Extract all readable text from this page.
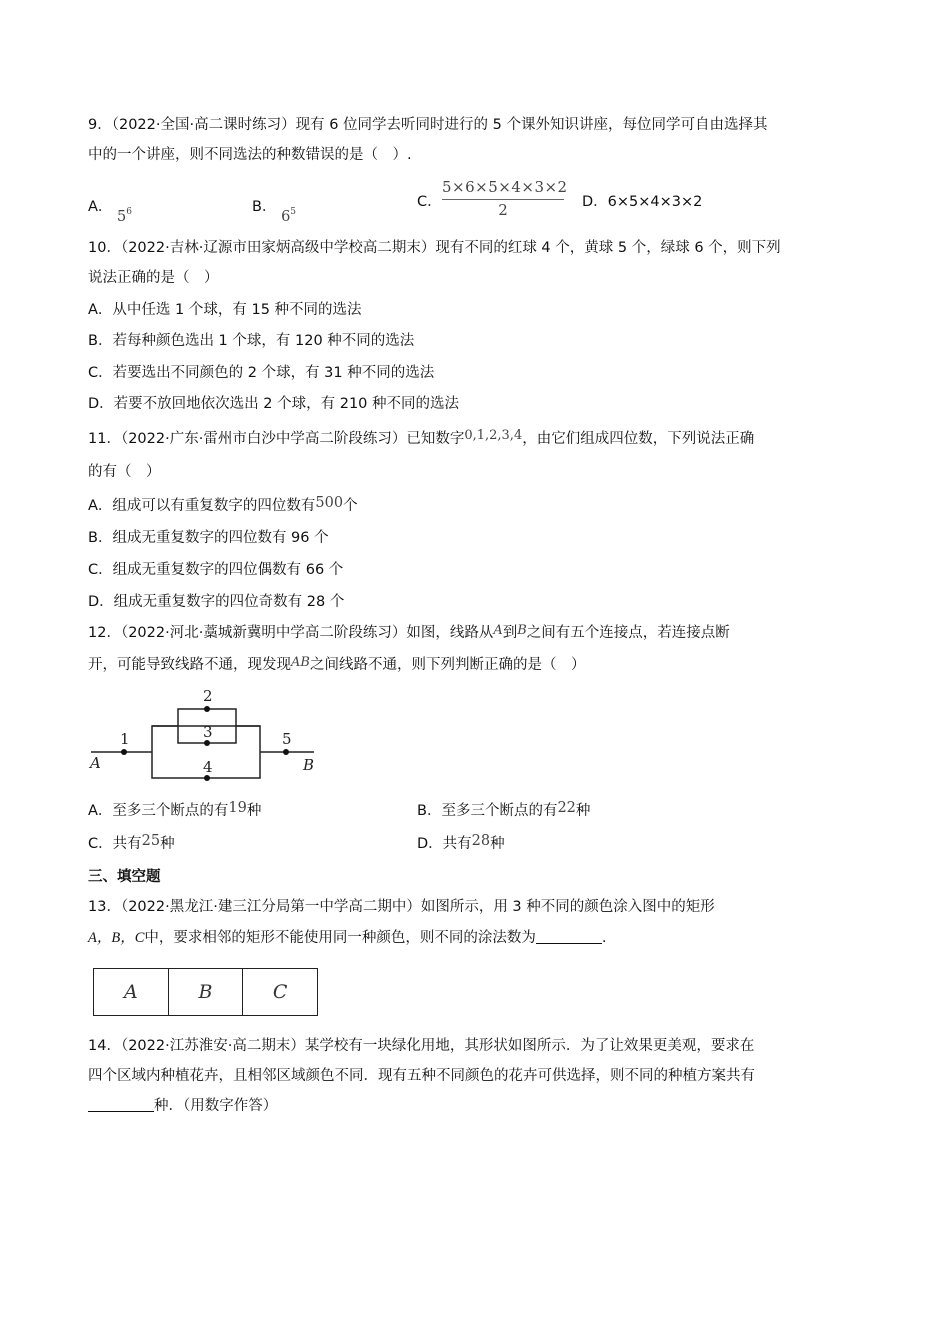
9．（2022·全国·高二课时练习）现有 6 位同学去听同时进行的 5 个课外知识讲座，每位同学可自由选择其
中的一个讲座，则不同选法的种数错误的是（　）.
A． $5^6$	B． $6^5$
C． $\frac{5\times 6\times 5\times 4\times 3\times 2}{2}$ D．6×5×4×3×2
10．（2022·吉林·辽源市田家炳高级中学校高二期末）现有不同的红球 4 个，黄球 5 个，绿球 6 个，则下列
说法正确的是（　）
A．从中任选 1 个球，有 15 种不同的选法
B．若每种颜色选出 1 个球，有 120 种不同的选法
C．若要选出不同颜色的 2 个球，有 31 种不同的选法
D．若要不放回地依次选出 2 个球，有 210 种不同的选法
11．（2022·广东·雷州市白沙中学高二阶段练习）已知数字0,1,2,3,4，由它们组成四位数，下列说法正确
的有（　）
A．组成可以有重复数字的四位数有500个
B．组成无重复数字的四位数有 96 个
C．组成无重复数字的四位偶数有 66 个
D．组成无重复数字的四位奇数有 28 个
12．（2022·河北·藁城新冀明中学高二阶段练习）如图，线路从A到B之间有五个连接点，若连接点断
开，可能导致线路不通，现发现AB之间线路不通，则下列判断正确的是（　）
1
2
3
4
5
A	B
A．至多三个断点的有19种	B．至多三个断点的有22种
C．共有25种	D．共有28种
三、填空题
13．（2022·黑龙江·建三江分局第一中学高二期中）如图所示，用 3 种不同的颜色涂入图中的矩形
A，B，C中，要求相邻的矩形不能使用同一种颜色，则不同的涂法数为	.
A	B	C
14．（2022·江苏淮安·高二期末）某学校有一块绿化用地，其形状如图所示．为了让效果更美观，要求在
四个区域内种植花卉，且相邻区域颜色不同．现有五种不同颜色的花卉可供选择，则不同的种植方案共有
种．（用数字作答）
